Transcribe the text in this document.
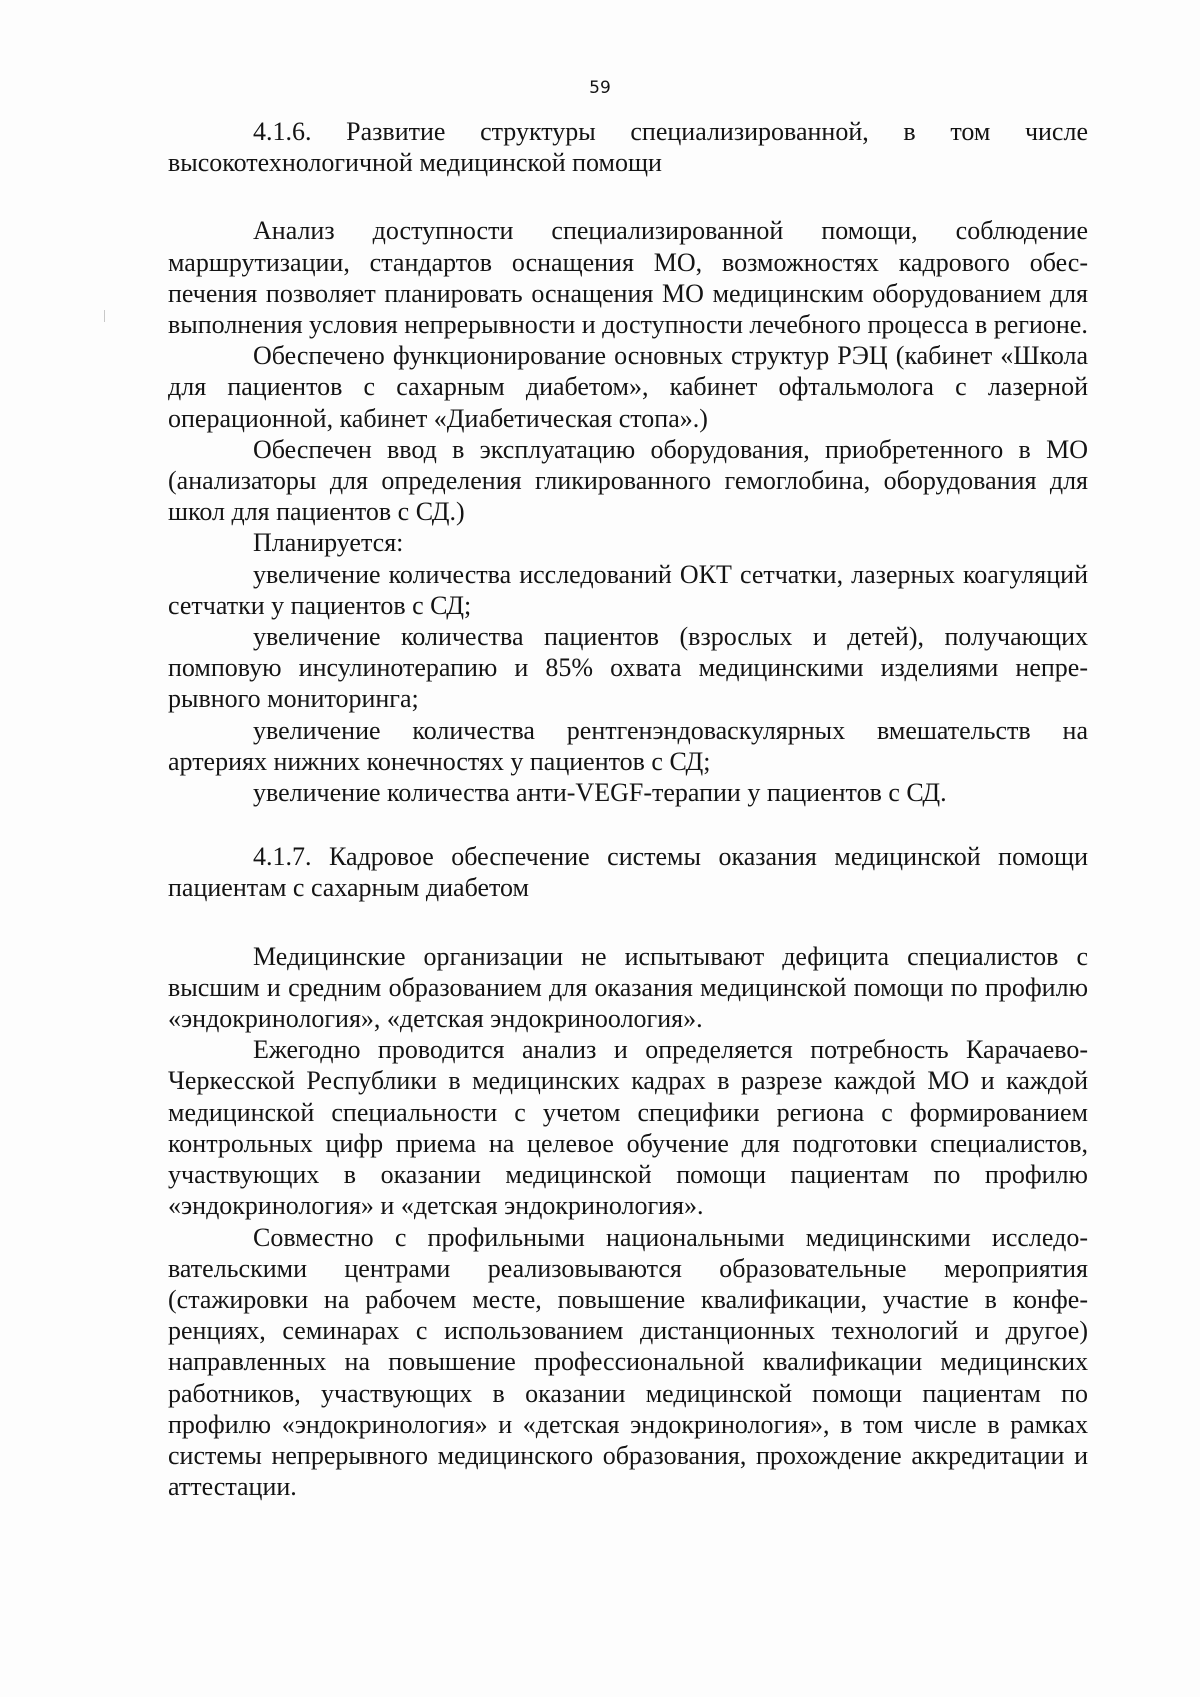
59

4.1.6. Развитие структуры специализированной, в том числе высокотехнологичной медицинской помощи

Анализ доступности специализированной помощи, соблюдение маршрутизации, стандартов оснащения МО, возможностях кадрового обеспечения позволяет планировать оснащения МО медицинским оборудованием для выполнения условия непрерывности и доступности лечебного процесса в регионе.

Обеспечено функционирование основных структур РЭЦ (кабинет «Школа для пациентов с сахарным диабетом», кабинет офтальмолога с лазерной операционной, кабинет «Диабетическая стопа».)

Обеспечен ввод в эксплуатацию оборудования, приобретенного в МО (анализаторы для определения гликированного гемоглобина, оборудования для школ для пациентов с СД.)

Планируется:

увеличение количества исследований ОКТ сетчатки, лазерных коагуляций сетчатки у пациентов с СД;

увеличение количества пациентов (взрослых и детей), получающих помповую инсулинотерапию и 85% охвата медицинскими изделиями непрерывного мониторинга;

увеличение количества рентгенэндоваскулярных вмешательств на артериях нижних конечностях у пациентов с СД;

увеличение количества анти-VEGF-терапии у пациентов с СД.

4.1.7. Кадровое обеспечение системы оказания медицинской помощи пациентам с сахарным диабетом

Медицинские организации не испытывают дефицита специалистов с высшим и средним образованием для оказания медицинской помощи по профилю «эндокринология», «детская эндокриноология».

Ежегодно проводится анализ и определяется потребность Карачаево-Черкесской Республики в медицинских кадрах в разрезе каждой МО и каждой медицинской специальности с учетом специфики региона с формированием контрольных цифр приема на целевое обучение для подготовки специалистов, участвующих в оказании медицинской помощи пациентам по профилю «эндокринология» и «детская эндокринология».

Совместно с профильными национальными медицинскими исследовательскими центрами реализовываются образовательные мероприятия (стажировки на рабочем месте, повышение квалификации, участие в конференциях, семинарах с использованием дистанционных технологий и другое) направленных на повышение профессиональной квалификации медицинских работников, участвующих в оказании медицинской помощи пациентам по профилю «эндокринология» и «детская эндокринология», в том числе в рамках системы непрерывного медицинского образования, прохождение аккредитации и аттестации.
